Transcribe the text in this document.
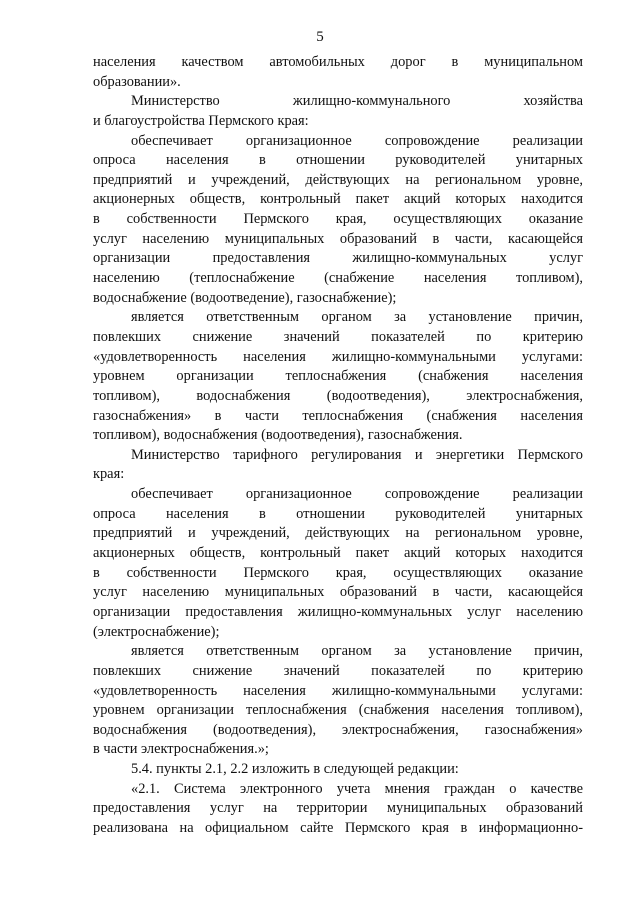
5
населения качеством автомобильных дорог в муниципальном
образовании».
Министерство жилищно-коммунального хозяйства
и благоустройства Пермского края:
обеспечивает организационное сопровождение реализации
опроса населения в отношении руководителей унитарных
предприятий и учреждений, действующих на региональном уровне,
акционерных обществ, контрольный пакет акций которых находится
в собственности Пермского края, осуществляющих оказание
услуг населению муниципальных образований в части, касающейся
организации предоставления жилищно-коммунальных услуг
населению (теплоснабжение (снабжение населения топливом),
водоснабжение (водоотведение), газоснабжение);
является ответственным органом за установление причин,
повлекших снижение значений показателей по критерию
«удовлетворенность населения жилищно-коммунальными услугами:
уровнем организации теплоснабжения (снабжения населения
топливом), водоснабжения (водоотведения), электроснабжения,
газоснабжения» в части теплоснабжения (снабжения населения
топливом), водоснабжения (водоотведения), газоснабжения.
Министерство тарифного регулирования и энергетики Пермского
края:
обеспечивает организационное сопровождение реализации
опроса населения в отношении руководителей унитарных
предприятий и учреждений, действующих на региональном уровне,
акционерных обществ, контрольный пакет акций которых находится
в собственности Пермского края, осуществляющих оказание
услуг населению муниципальных образований в части, касающейся
организации предоставления жилищно-коммунальных услуг населению
(электроснабжение);
является ответственным органом за установление причин,
повлекших снижение значений показателей по критерию
«удовлетворенность населения жилищно-коммунальными услугами:
уровнем организации теплоснабжения (снабжения населения топливом),
водоснабжения (водоотведения), электроснабжения, газоснабжения»
в части электроснабжения.»;
5.4. пункты 2.1, 2.2 изложить в следующей редакции:
«2.1. Система электронного учета мнения граждан о качестве
предоставления услуг на территории муниципальных образований
реализована на официальном сайте Пермского края в информационно-
